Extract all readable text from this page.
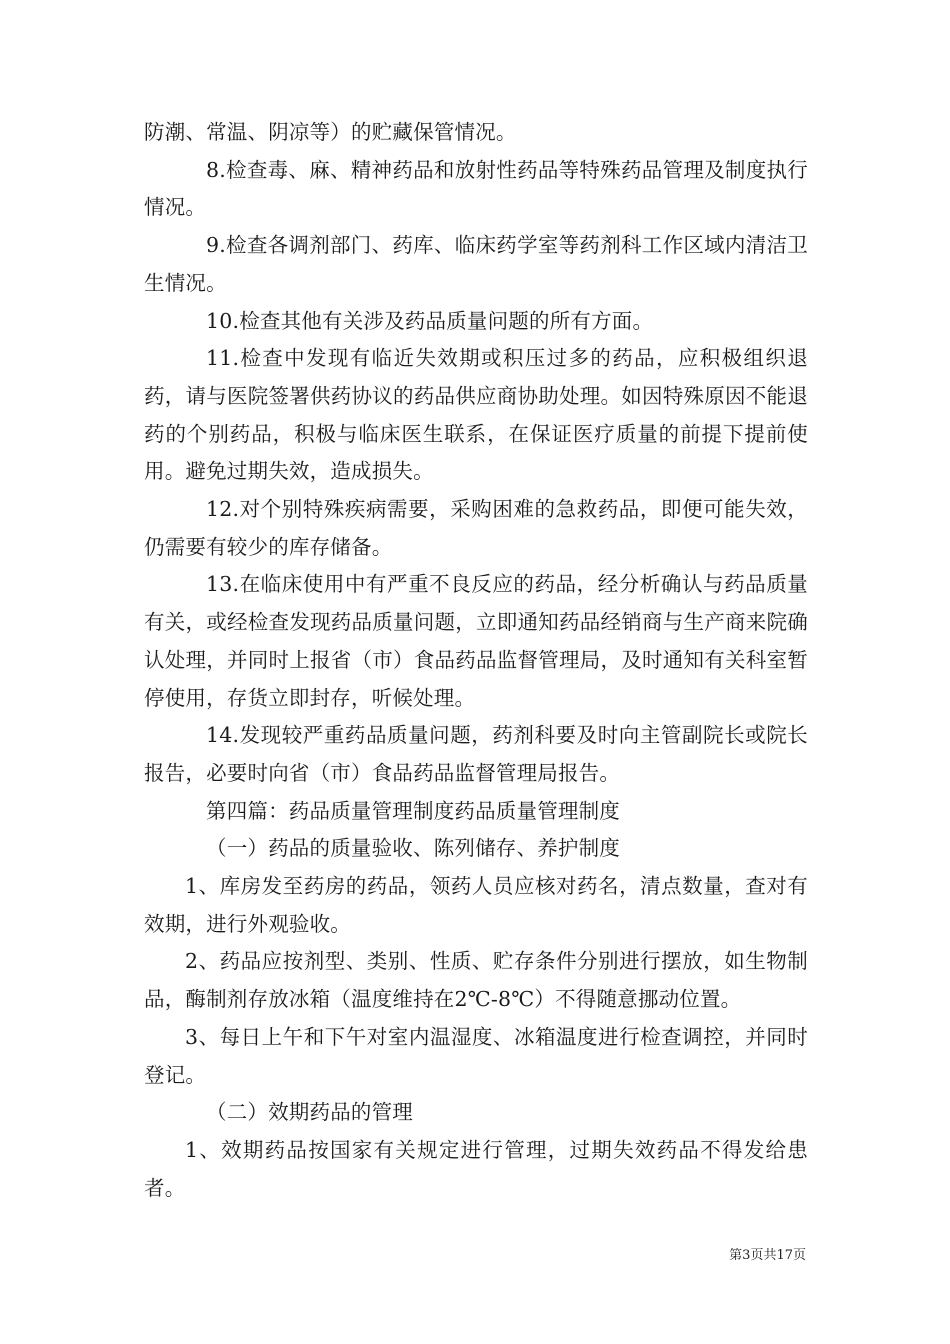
防潮、常温、阴凉等）的贮藏保管情况。

8.检查毒、麻、精神药品和放射性药品等特殊药品管理及制度执行情况。

9.检查各调剂部门、药库、临床药学室等药剂科工作区域内清洁卫生情况。

10.检查其他有关涉及药品质量问题的所有方面。

11.检查中发现有临近失效期或积压过多的药品，应积极组织退药，请与医院签署供药协议的药品供应商协助处理。如因特殊原因不能退药的个别药品，积极与临床医生联系，在保证医疗质量的前提下提前使用。避免过期失效，造成损失。

12.对个别特殊疾病需要，采购困难的急救药品，即便可能失效，仍需要有较少的库存储备。

13.在临床使用中有严重不良反应的药品，经分析确认与药品质量有关，或经检查发现药品质量问题，立即通知药品经销商与生产商来院确认处理，并同时上报省（市）食品药品监督管理局，及时通知有关科室暂停使用，存货立即封存，听候处理。

14.发现较严重药品质量问题，药剂科要及时向主管副院长或院长报告，必要时向省（市）食品药品监督管理局报告。

第四篇：药品质量管理制度药品质量管理制度

（一）药品的质量验收、陈列储存、养护制度

1、库房发至药房的药品，领药人员应核对药名，清点数量，查对有效期，进行外观验收。

2、药品应按剂型、类别、性质、贮存条件分别进行摆放，如生物制品，酶制剂存放冰箱（温度维持在2℃-8℃）不得随意挪动位置。

3、每日上午和下午对室内温湿度、冰箱温度进行检查调控，并同时登记。

（二）效期药品的管理

1、效期药品按国家有关规定进行管理，过期失效药品不得发给患者。

第3页共17页
